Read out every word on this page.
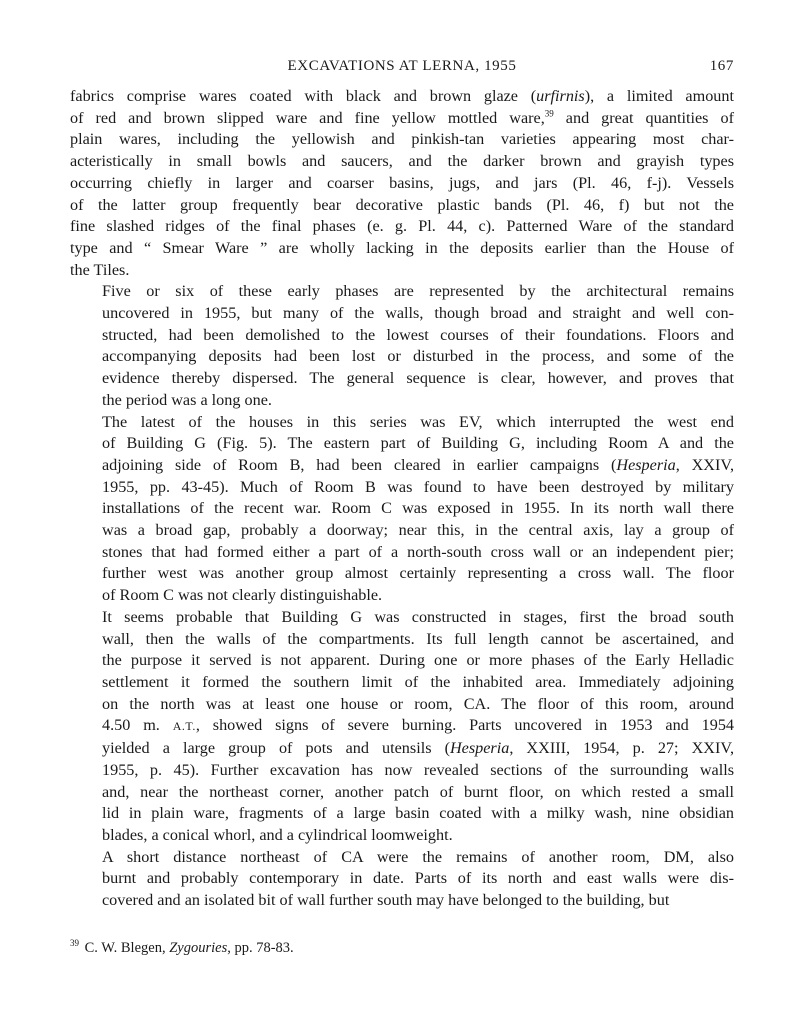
EXCAVATIONS AT LERNA, 1955	167

fabrics comprise wares coated with black and brown glaze (urfirnis), a limited amount
of red and brown slipped ware and fine yellow mottled ware,$^{39}$ and great quantities of
plain wares, including the yellowish and pinkish-tan varieties appearing most char-
acteristically in small bowls and saucers, and the darker brown and grayish types
occurring chiefly in larger and coarser basins, jugs, and jars (Pl. 46, f-j). Vessels
of the latter group frequently bear decorative plastic bands (Pl. 46, f) but not the
fine slashed ridges of the final phases (e. g. Pl. 44, c). Patterned Ware of the standard
type and “ Smear Ware ” are wholly lacking in the deposits earlier than the House of
the Tiles.

Five or six of these early phases are represented by the architectural remains
uncovered in 1955, but many of the walls, though broad and straight and well con-
structed, had been demolished to the lowest courses of their foundations. Floors and
accompanying deposits had been lost or disturbed in the process, and some of the
evidence thereby dispersed. The general sequence is clear, however, and proves that
the period was a long one.

The latest of the houses in this series was EV, which interrupted the west end
of Building G (Fig. 5). The eastern part of Building G, including Room A and the
adjoining side of Room B, had been cleared in earlier campaigns (Hesperia, XXIV,
1955, pp. 43-45). Much of Room B was found to have been destroyed by military
installations of the recent war. Room C was exposed in 1955. In its north wall there
was a broad gap, probably a doorway; near this, in the central axis, lay a group of
stones that had formed either a part of a north-south cross wall or an independent pier;
further west was another group almost certainly representing a cross wall. The floor
of Room C was not clearly distinguishable.

It seems probable that Building G was constructed in stages, first the broad south
wall, then the walls of the compartments. Its full length cannot be ascertained, and
the purpose it served is not apparent. During one or more phases of the Early Helladic
settlement it formed the southern limit of the inhabited area. Immediately adjoining
on the north was at least one house or room, CA. The floor of this room, around
4.50 m. A.T., showed signs of severe burning. Parts uncovered in 1953 and 1954
yielded a large group of pots and utensils (Hesperia, XXIII, 1954, p. 27; XXIV,
1955, p. 45). Further excavation has now revealed sections of the surrounding walls
and, near the northeast corner, another patch of burnt floor, on which rested a small
lid in plain ware, fragments of a large basin coated with a milky wash, nine obsidian
blades, a conical whorl, and a cylindrical loomweight.

A short distance northeast of CA were the remains of another room, DM, also
burnt and probably contemporary in date. Parts of its north and east walls were dis-
covered and an isolated bit of wall further south may have belonged to the building, but

$^{39}$ C. W. Blegen, Zygouries, pp. 78-83.
